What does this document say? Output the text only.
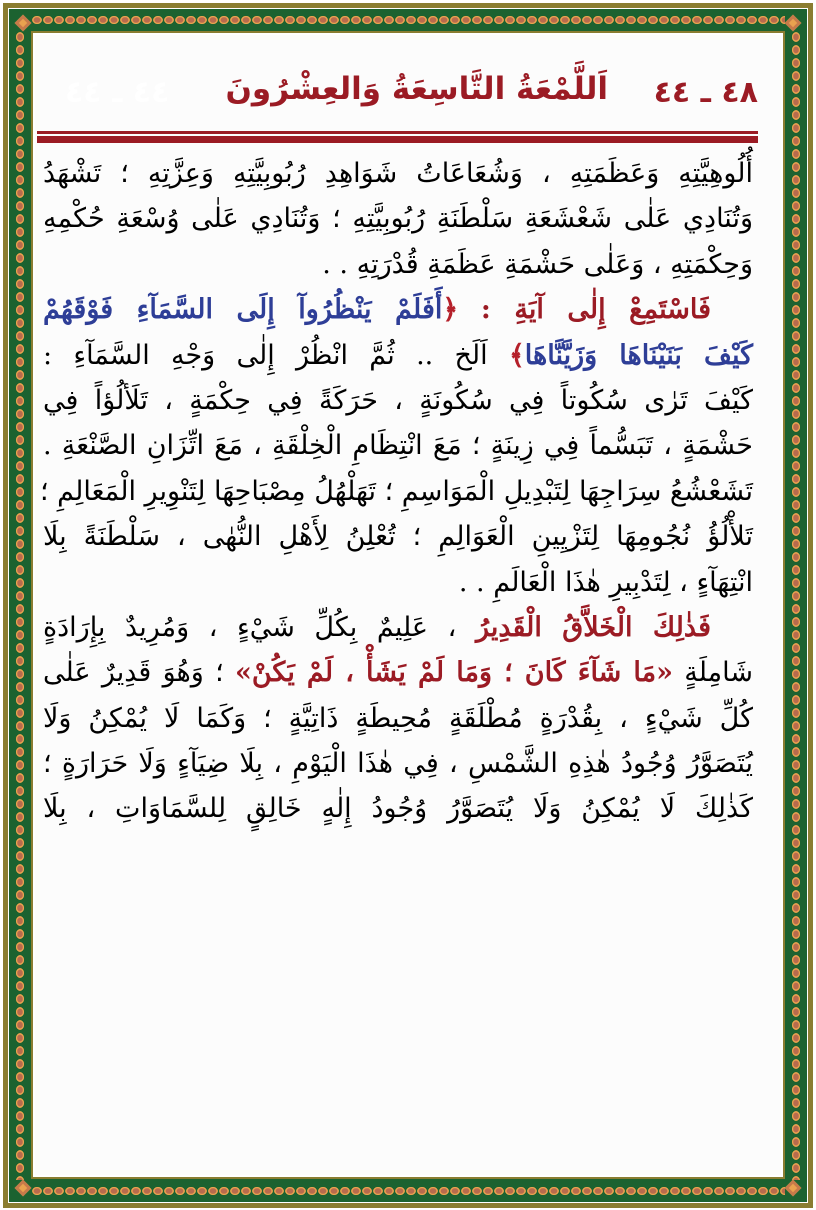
٤٨ ـ ٤٤
اَللَّمْعَةُ التَّاسِعَةُ وَالعِشْرُونَ
٤٤ ـ ٤٤
أُلُوهِيَّتِهِ وَعَظَمَتِهِ ، وَشُعَاعَاتُ شَوَاهِدِ رُبُوبِيَّتِهِ وَعِزَّتِهِ ؛ تَشْهَدُ
وَتُنَادِي عَلٰى شَعْشَعَةِ سَلْطَنَةِ رُبُوبِيَّتِهِ ؛ وَتُنَادِي عَلٰى وُسْعَةِ حُكْمِهِ
وَحِكْمَتِهِ ، وَعَلٰى حَشْمَةِ عَظَمَةِ قُدْرَتِهِ . .
فَاسْتَمِعْ إِلٰى آيَةِ : ﴿أَفَلَمْ يَنْظُرُوآ إِلَى السَّمَآءِ فَوْقَهُمْ
كَيْفَ بَنَيْنَاهَا وَزَيَّنَّاهَا﴾ اَلَخ .. ثُمَّ انْظُرْ إِلٰى وَجْهِ السَّمَآءِ :
كَيْفَ تَرٰى سُكُوتاً فِي سُكُونَةٍ ، حَرَكَةً فِي حِكْمَةٍ ، تَلَألُؤاً فِي
حَشْمَةٍ ، تَبَسُّماً فِي زِينَةٍ ؛ مَعَ انْتِظَامِ الْخِلْقَةِ ، مَعَ اتِّزَانِ الصَّنْعَةِ .
تَشَعْشُعُ سِرَاجِهَا لِتَبْدِيلِ الْمَوَاسِمِ ؛ تَهَلْهُلُ مِصْبَاحِهَا لِتَنْوِيرِ الْمَعَالِمِ ؛
تَلأْلُؤُ نُجُومِهَا لِتَزْيِينِ الْعَوَالِمِ ؛ تُعْلِنُ لِأَهْلِ النُّهٰى ، سَلْطَنَةً بِلَا
انْتِهَآءٍ ، لِتَدْبِيرِ هٰذَا الْعَالَمِ . .
فَذٰلِكَ الْخَلاَّقُ الْقَدِيرُ ، عَلِيمٌ بِكُلِّ شَيْءٍ ، وَمُرِيدٌ بِإِرَادَةٍ
شَامِلَةٍ «مَا شَآءَ كَانَ ؛ وَمَا لَمْ يَشَأْ ، لَمْ يَكُنْ» ؛ وَهُوَ قَدِيرٌ عَلٰى
كُلِّ شَيْءٍ ، بِقُدْرَةٍ مُطْلَقَةٍ مُحِيطَةٍ ذَاتِيَّةٍ ؛ وَكَمَا لَا يُمْكِنُ وَلَا
يُتَصَوَّرُ وُجُودُ هٰذِهِ الشَّمْسِ ، فِي هٰذَا الْيَوْمِ ، بِلَا ضِيَآءٍ وَلَا حَرَارَةٍ ؛
كَذٰلِكَ لَا يُمْكِنُ وَلَا يُتَصَوَّرُ وُجُودُ إِلٰهٍ خَالِقٍ لِلسَّمَاوَاتِ ، بِلَا
